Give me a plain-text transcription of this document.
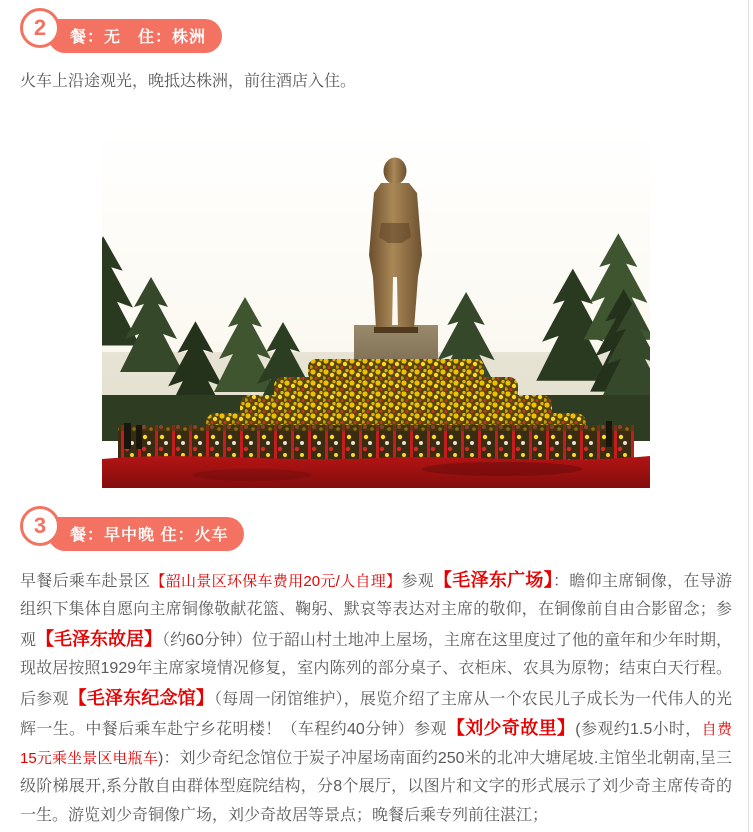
2	餐：无　住：株洲

火车上沿途观光，晚抵达株洲，前往酒店入住。

3	餐：早中晚 住：火车

早餐后乘车赴景区【韶山景区环保车费用20元/人自理】参观【毛泽东广场】：瞻仰主席铜像，在导游组织下集体自愿向主席铜像敬献花篮、鞠躬、默哀等表达对主席的敬仰，在铜像前自由合影留念；参观【毛泽东故居】（约60分钟）位于韶山村土地冲上屋场，主席在这里度过了他的童年和少年时期，现故居按照1929年主席家境情况修复，室内陈列的部分桌子、衣柜床、农具为原物；结束白天行程。后参观【毛泽东纪念馆】（每周一闭馆维护），展览介绍了主席从一个农民儿子成长为一代伟人的光辉一生。中餐后乘车赴宁乡花明楼！（车程约40分钟）参观【刘少奇故里】(参观约1.5小时，自费15元乘坐景区电瓶车)：刘少奇纪念馆位于炭子冲屋场南面约250米的北冲大塘尾坡.主馆坐北朝南,呈三级阶梯展开,系分散自由群体型庭院结构，分8个展厅，以图片和文字的形式展示了刘少奇主席传奇的一生。游览刘少奇铜像广场，刘少奇故居等景点；晚餐后乘专列前往湛江；
